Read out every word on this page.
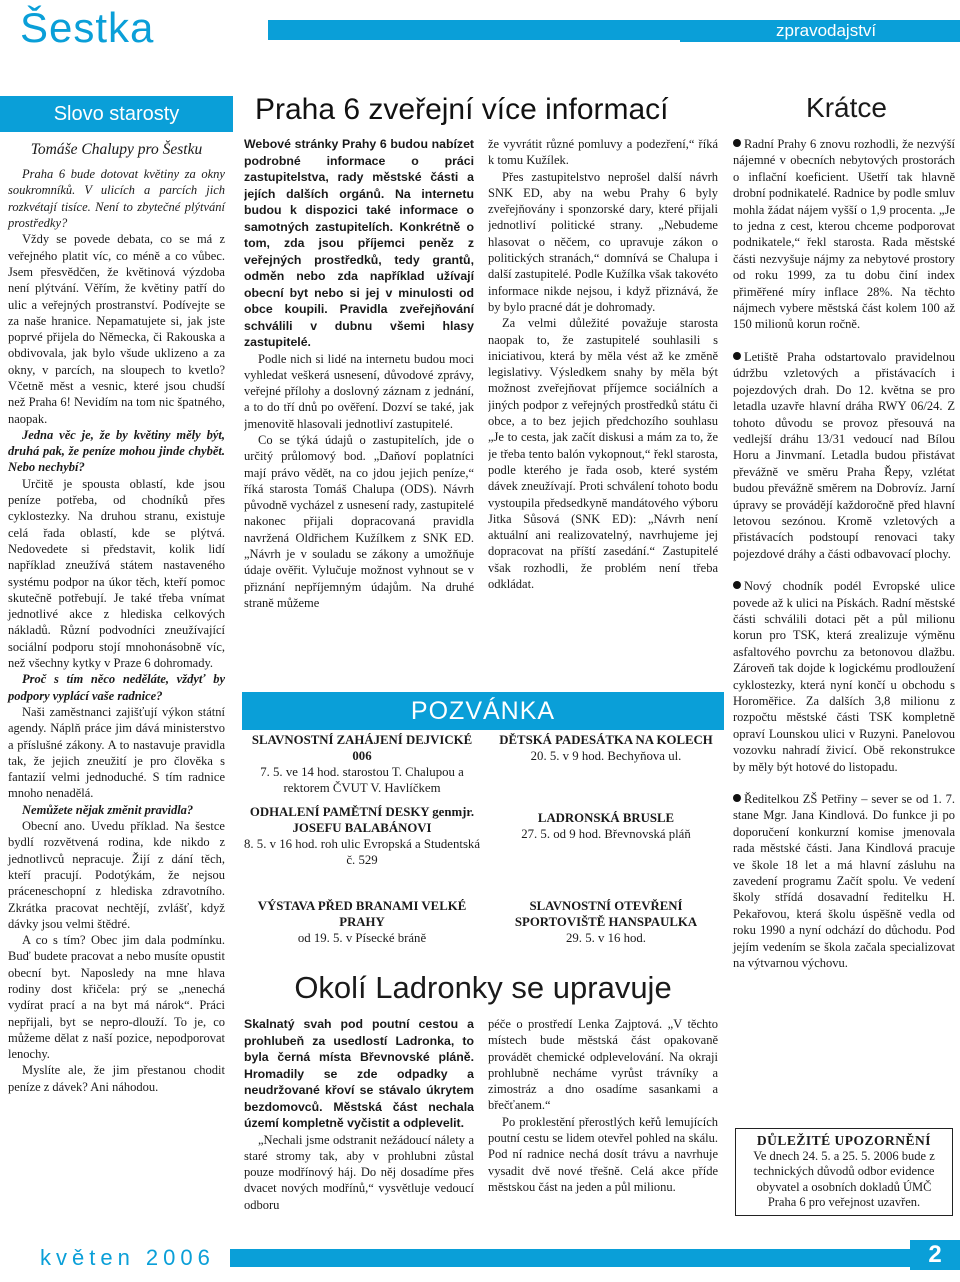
Šestka	zpravodajství
Slovo starosty
Tomáše Chalupy pro Šestku

Praha 6 bude dotovat květiny za okny soukromníků. V ulicích a parcích jich rozkvétají tisíce. Není to zbytečné plýtvání prostředky?

Vždy se povede debata, co se má z veřejného platit víc, co méně a co vůbec. Jsem přesvědčen, že květinová výzdoba není plýtvání. Věřím, že květiny patří do ulic a veřejných prostranství. Podívejte se za naše hranice. Nepamatujete si, jak jste poprvé přijela do Německa, či Rakouska a obdivovala, jak bylo všude uklizeno a za okny, v parcích, na sloupech to kvetlo? Včetně měst a vesnic, které jsou chudší než Praha 6! Nevidím na tom nic špatného, naopak.

Jedna věc je, že by květiny měly být, druhá pak, že peníze mohou jinde chybět. Nebo nechybí?

Určitě je spousta oblastí, kde jsou peníze potřeba, od chodníků přes cyklostezky. Na druhou stranu, existuje celá řada oblastí, kde se plýtvá. Nedovedete si představit, kolik lidí například zneužívá státem nastaveného systému podpor na úkor těch, kteří pomoc skutečně potřebují. Je také třeba vnímat jednotlivé akce z hlediska celkových nákladů. Různí podvodníci zneužívající sociální podporu stojí mnohonásobně víc, než všechny kytky v Praze 6 dohromady.

Proč s tím něco neděláte, vždyť by podpory vyplácí vaše radnice?

Naši zaměstnanci zajišťují výkon státní agendy. Náplň práce jim dává ministerstvo a příslušné zákony. A to nastavuje pravidla tak, že jejich zneužití je pro člověka s fantazií velmi jednoduché. S tím radnice mnoho nenadělá.

Nemůžete nějak změnit pravidla?

Obecní ano. Uvedu příklad. Na šestce bydlí rozvětvená rodina, kde nikdo z jednotlivců nepracuje. Žijí z dání těch, kteří pracují. Podotýkám, že nejsou práceneschopní z hlediska zdravotního. Zkrátka pracovat nechtějí, zvlášť, když dávky jsou velmi štědré.

A co s tím? Obec jim dala podmínku. Buď budete pracovat a nebo musíte opustit obecní byt. Naposledy na mne hlava rodiny dost křičela: prý se „nenechá vydírat prací a na byt má nárok“. Práci nepřijali, byt se nepro-dlouží. To je, co můžeme dělat z naší pozice, nepodporovat lenochy.

Myslíte ale, že jim přestanou chodit peníze z dávek? Ani náhodou.

Praha 6 zveřejní více informací

Webové stránky Prahy 6 budou nabízet podrobné informace o práci zastupitelstva, rady městské části a jejích dalších orgánů. Na internetu budou k dispozici také informace o samotných zastupitelích. Konkrétně o tom, zda jsou příjemci peněz z veřejných prostředků, tedy grantů, odměn nebo zda například užívají obecní byt nebo si jej v minulosti od obce koupili. Pravidla zveřejňování schválili v dubnu všemi hlasy zastupitelé.

Podle nich si lidé na internetu budou moci vyhledat veškerá usnesení, důvodové zprávy, veřejné přílohy a doslovný záznam z jednání, a to do tří dnů po ověření. Dozví se také, jak jmenovitě hlasovali jednotliví zastupitelé.

Co se týká údajů o zastupitelích, jde o určitý průlomový bod. „Daňoví poplatníci mají právo vědět, na co jdou jejich peníze,“ říká starosta Tomáš Chalupa (ODS). Návrh původně vycházel z usnesení rady, zastupitelé nakonec přijali dopracovaná pravidla navržená Oldřichem Kužílkem z SNK ED. „Návrh je v souladu se zákony a umožňuje údaje ověřit. Vylučuje možnost vyhnout se v přiznání nepříjemným údajům. Na druhé straně můžeme

že vyvrátit různé pomluvy a podezření,“ říká k tomu Kužílek.

Přes zastupitelstvo neprošel další návrh SNK ED, aby na webu Prahy 6 byly zveřejňovány i sponzorské dary, které přijali jednotliví politické strany. „Nebudeme hlasovat o něčem, co upravuje zákon o politických stranách,“ domnívá se Chalupa i další zastupitelé. Podle Kužílka však takovéto informace nikde nejsou, i když přiznává, že by bylo pracné dát je dohromady.

Za velmi důležité považuje starosta naopak to, že zastupitelé souhlasili s iniciativou, která by měla vést až ke změně legislativy. Výsledkem snahy by měla být možnost zveřejňovat příjemce sociálních a jiných podpor z veřejných prostředků státu či obce, a to bez jejich předchozího souhlasu „Je to cesta, jak začít diskusi a mám za to, že je třeba tento balón vykopnout,“ řekl starosta, podle kterého je řada osob, které systém dávek zneužívají. Proti schválení tohoto bodu vystoupila předsedkyně mandátového výboru Jitka Sůsová (SNK ED): „Návrh není aktuální ani realizovatelný, navrhujeme jej dopracovat na příští zasedání.“ Zastupitelé však rozhodli, že problém není třeba odkládat.

Krátce

Radní Prahy 6 znovu rozhodli, že nezvýší nájemné v obecních nebytových prostorách o inflační koeficient. Ušetří tak hlavně drobní podnikatelé. Radnice by podle smluv mohla žádat nájem vyšší o 1,9 procenta. „Je to jedna z cest, kterou chceme podporovat podnikatele,“ řekl starosta. Rada městské části nezvyšuje nájmy za nebytové prostory od roku 1999, za tu dobu činí index přiměřené míry inflace 28%. Na těchto nájmech vybere městská část kolem 100 až 150 milionů korun ročně.

Letiště Praha odstartovalo pravidelnou údržbu vzletových a přistávacích i pojezdových drah. Do 12. května se pro letadla uzavře hlavní dráha RWY 06/24. Z tohoto důvodu se provoz přesouvá na vedlejší dráhu 13/31 vedoucí nad Bílou Horu a Jinvmaní. Letadla budou přistávat převážně ve směru Praha Řepy, vzlétat budou převážně směrem na Dobrovíz. Jarní úpravy se provádějí každoročně před hlavní letovou sezónou. Kromě vzletových a přistávacích podstoupí renovaci taky pojezdové dráhy a části odbavovací plochy.

Nový chodník podél Evropské ulice povede až k ulici na Pískách. Radní městské části schválili dotaci pět a půl milionu korun pro TSK, která zrealizuje výměnu asfaltového povrchu za betonovou dlažbu. Zároveň tak dojde k logickému prodloužení cyklostezky, která nyní končí u obchodu s Horoměřice. Za dalších 3,8 milionu z rozpočtu městské části TSK kompletně opraví Lounskou ulici v Ruzyni. Panelovou vozovku nahradí živicí. Obě rekonstrukce by měly být hotové do listopadu.

Ředitelkou ZŠ Petřiny – sever se od 1. 7. stane Mgr. Jana Kindlová. Do funkce ji po doporučení konkurzní komise jmenovala rada městské části. Jana Kindlová pracuje ve škole 18 let a má hlavní zásluhu na zavedení programu Začít spolu. Ve vedení školy střídá dosavadní ředitelku H. Pekařovou, která školu úspěšně vedla od roku 1990 a nyní odchází do důchodu. Pod jejím vedením se škola začala specializovat na výtvarnou výchovu.

DŮLEŽITÉ UPOZORNĚNÍ
Ve dnech 24. 5. a 25. 5. 2006 bude z technických důvodů odbor evidence obyvatel a osobních dokladů ÚMČ Praha 6 pro veřejnost uzavřen.
POZVÁNKA
SLAVNOSTNÍ ZAHÁJENÍ DEJVICKÉ 006
7. 5. ve 14 hod. starostou T. Chalupou a rektorem ČVUT V. Havlíčkem
DĚTSKÁ PADESÁTKA NA KOLECH
20. 5. v 9 hod. Bechyňova ul.
ODHALENÍ PAMĚTNÍ DESKY genmjr. JOSEFU BALABÁNOVI
8. 5. v 16 hod. roh ulic Evropská a Studentská č. 529
LADRONSKÁ BRUSLE
27. 5. od 9 hod. Břevnovská pláň
VÝSTAVA PŘED BRANAMI VELKÉ PRAHY
od 19. 5. v Písecké bráně
SLAVNOSTNÍ OTEVŘENÍ SPORTOVIŠTĚ HANSPAULKA
29. 5. v 16 hod.
Okolí Ladronky se upravuje

Skalnatý svah pod poutní cestou a prohlubeň za usedlostí Ladronka, to byla černá místa Břevnovské pláně. Hromadily se zde odpadky a neudržované křoví se stávalo úkrytem bezdomovců. Městská část nechala území kompletně vyčistit a odplevelit.

„Nechali jsme odstranit nežádoucí nálety a staré stromy tak, aby v prohlubni zůstal pouze modřínový háj. Do něj dosadíme přes dvacet nových modřínů,“ vysvětluje vedoucí odboru

péče o prostředí Lenka Zajptová. „V těchto místech bude městská část opakovaně provádět chemické odplevelování. Na okraji prohlubně necháme vyrůst trávníky a zimostráz a dno osadíme sasankami a břečťanem.“

Po proklestění přerostlých keřů lemujících poutní cestu se lidem otevřel pohled na skálu. Pod ní radnice nechá dosít trávu a navrhuje vysadit dvě nové třešně. Celá akce příde městskou část na jeden a půl milionu.

květen 2006	2
